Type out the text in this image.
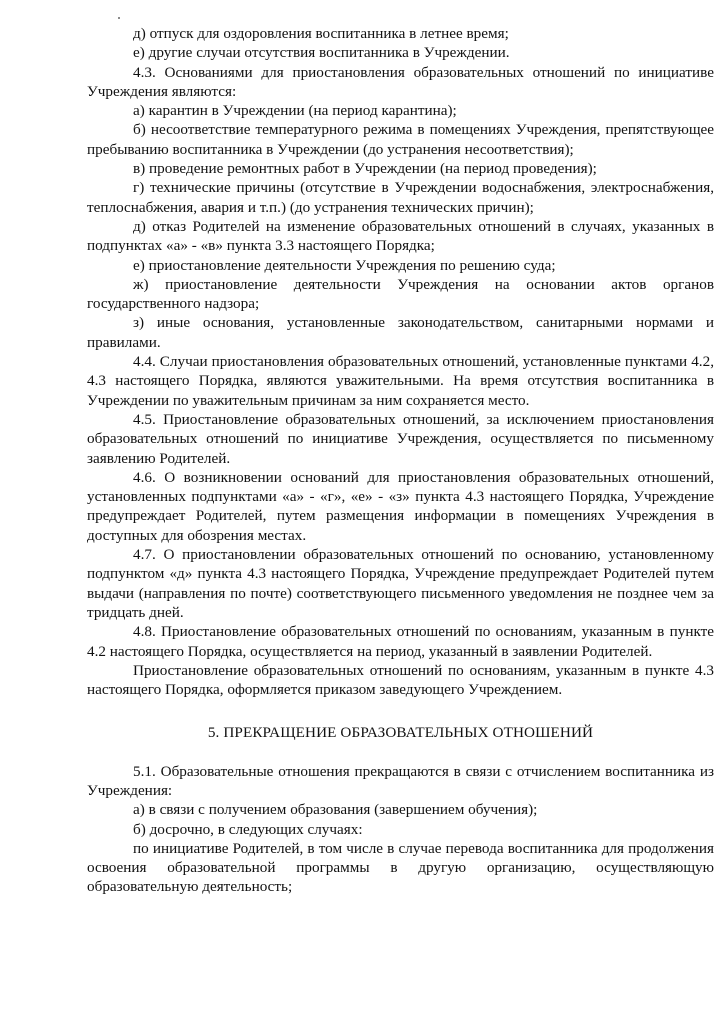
д) отпуск для оздоровления воспитанника в летнее время;

е) другие случаи отсутствия воспитанника в Учреждении.

4.3. Основаниями для приостановления образовательных отношений по инициативе Учреждения являются:

а) карантин в Учреждении (на период карантина);

б) несоответствие температурного режима в помещениях Учреждения, препятствующее пребыванию воспитанника в Учреждении (до устранения несоответствия);

в) проведение ремонтных работ в Учреждении (на период проведения);

г) технические причины (отсутствие в Учреждении водоснабжения, электроснабжения, теплоснабжения, авария и т.п.) (до устранения технических причин);

д) отказ Родителей на изменение образовательных отношений в случаях, указанных в подпунктах «а» - «в» пункта 3.3 настоящего Порядка;

е) приостановление деятельности Учреждения по решению суда;

ж) приостановление деятельности Учреждения на основании актов органов государственного надзора;

з) иные основания, установленные законодательством, санитарными нормами и правилами.

4.4. Случаи приостановления образовательных отношений, установленные пунктами 4.2, 4.3 настоящего Порядка, являются уважительными. На время отсутствия воспитанника в Учреждении по уважительным причинам за ним сохраняется место.

4.5. Приостановление образовательных отношений, за исключением приостановления образовательных отношений по инициативе Учреждения, осуществляется по письменному заявлению Родителей.

4.6. О возникновении оснований для приостановления образовательных отношений, установленных подпунктами «а» - «г», «е» - «з» пункта 4.3 настоящего Порядка, Учреждение предупреждает Родителей, путем размещения информации в помещениях Учреждения в доступных для обозрения местах.

4.7. О приостановлении образовательных отношений по основанию, установленному подпунктом «д» пункта 4.3 настоящего Порядка, Учреждение предупреждает Родителей путем выдачи (направления по почте) соответствующего письменного уведомления не позднее чем за тридцать дней.

4.8. Приостановление образовательных отношений по основаниям, указанным в пункте 4.2 настоящего Порядка, осуществляется на период, указанный в заявлении Родителей.

Приостановление образовательных отношений по основаниям, указанным в пункте 4.3 настоящего Порядка, оформляется приказом заведующего Учреждением.

5. ПРЕКРАЩЕНИЕ ОБРАЗОВАТЕЛЬНЫХ ОТНОШЕНИЙ

5.1. Образовательные отношения прекращаются в связи с отчислением воспитанника из Учреждения:

а) в связи с получением образования (завершением обучения);

б) досрочно, в следующих случаях:

по инициативе Родителей, в том числе в случае перевода воспитанника для продолжения освоения образовательной программы в другую организацию, осуществляющую образовательную деятельность;
